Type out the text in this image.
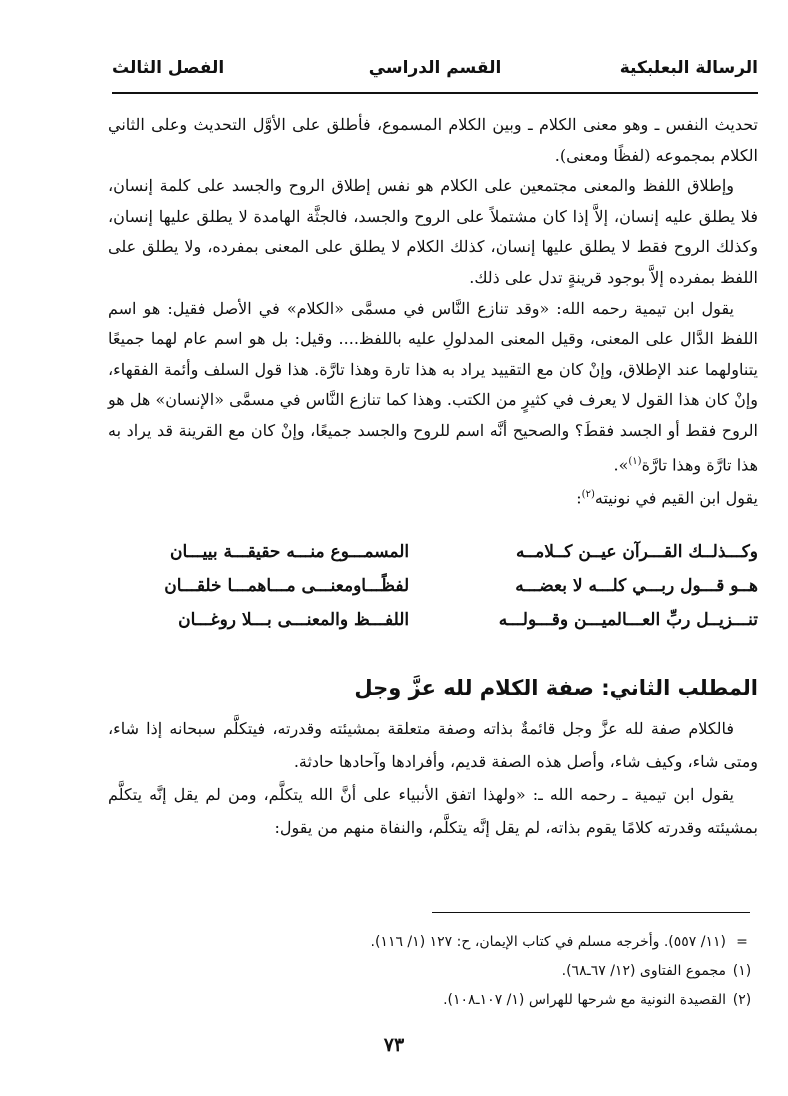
الرسالة البعلبكية
القسم الدراسي
الفصل الثالث

تحديث النفس ـ وهو معنى الكلام ـ وبين الكلام المسموع، فأطلق على الأوَّل التحديث وعلى الثاني الكلام بمجموعه (لفظًا ومعنى).

وإطلاق اللفظ والمعنى مجتمعين على الكلام هو نفس إطلاق الروح والجسد على كلمة إنسان، فلا يطلق عليه إنسان، إلاَّ إذا كان مشتملاً على الروح والجسد، فالجثَّة الهامدة لا يطلق عليها إنسان، وكذلك الروح فقط لا يطلق عليها إنسان، كذلك الكلام لا يطلق على المعنى بمفرده، ولا يطلق على اللفظ بمفرده إلاَّ بوجود قرينةٍ تدل على ذلك.

يقول ابن تيمية رحمه الله: «وقد تنازع النَّاس في مسمَّى «الكلام» في الأصل فقيل: هو اسم اللفظ الدَّال على المعنى، وقيل المعنى المدلولِ عليه باللفظ.... وقيل: بل هو اسم عام لهما جميعًا يتناولهما عند الإطلاق، وإنْ كان مع التقييد يراد به هذا تارة وهذا تارَّة. هذا قول السلف وأئمة الفقهاء، وإنْ كان هذا القول لا يعرف في كثيرٍ من الكتب. وهذا كما تنازع النَّاس في مسمَّى «الإنسان» هل هو الروح فقط أو الجسد فقطَ؟ والصحيح أنَّه اسم للروح والجسد جميعًا، وإنْ كان مع القرينة قد يراد به هذا تارَّة وهذا تارَّة$^{(١)}$».

يقول ابن القيم في نونيته$^{(٢)}$:

وكـــذلــك القـــرآن عيــن كــلامــه
المسمـــوع منـــه حقيقـــة بييـــان
هــو قـــول ربـــي كلـــه لا بعضـــه
لفظًـــاومعنـــى مـــاهمـــا خلقـــان
تنـــزيــل ربِّ العـــالميـــن وقـــولـــه
اللفـــظ والمعنـــى بـــلا روغـــان
المطلب الثاني: صفة الكلام لله عزَّ وجل

فالكلام صفة لله عزَّ وجل قائمةٌ بذاته وصفة متعلقة بمشيئته وقدرته، فيتكلَّم سبحانه إذا شاء، ومتى شاء، وكيف شاء، وأصل هذه الصفة قديم، وأفرادها وآحادها حادثة.

يقول ابن تيمية ـ رحمه الله ـ: «ولهذا اتفق الأنبياء على أنَّ الله يتكلَّم، ومن لم يقل إنَّه يتكلَّم بمشيئته وقدرته كلامًا يقوم بذاته، لم يقل إنَّه يتكلَّم، والنفاة منهم من يقول:

=
(١١/ ٥٥٧). وأخرجه مسلم في كتاب الإيمان، ح: ١٢٧ (١/ ١١٦).
(١)
مجموع الفتاوى (١٢/ ٦٧ـ٦٨).
(٢)
القصيدة النونية مع شرحها للهراس (١/ ١٠٧ـ١٠٨).
٧٣
